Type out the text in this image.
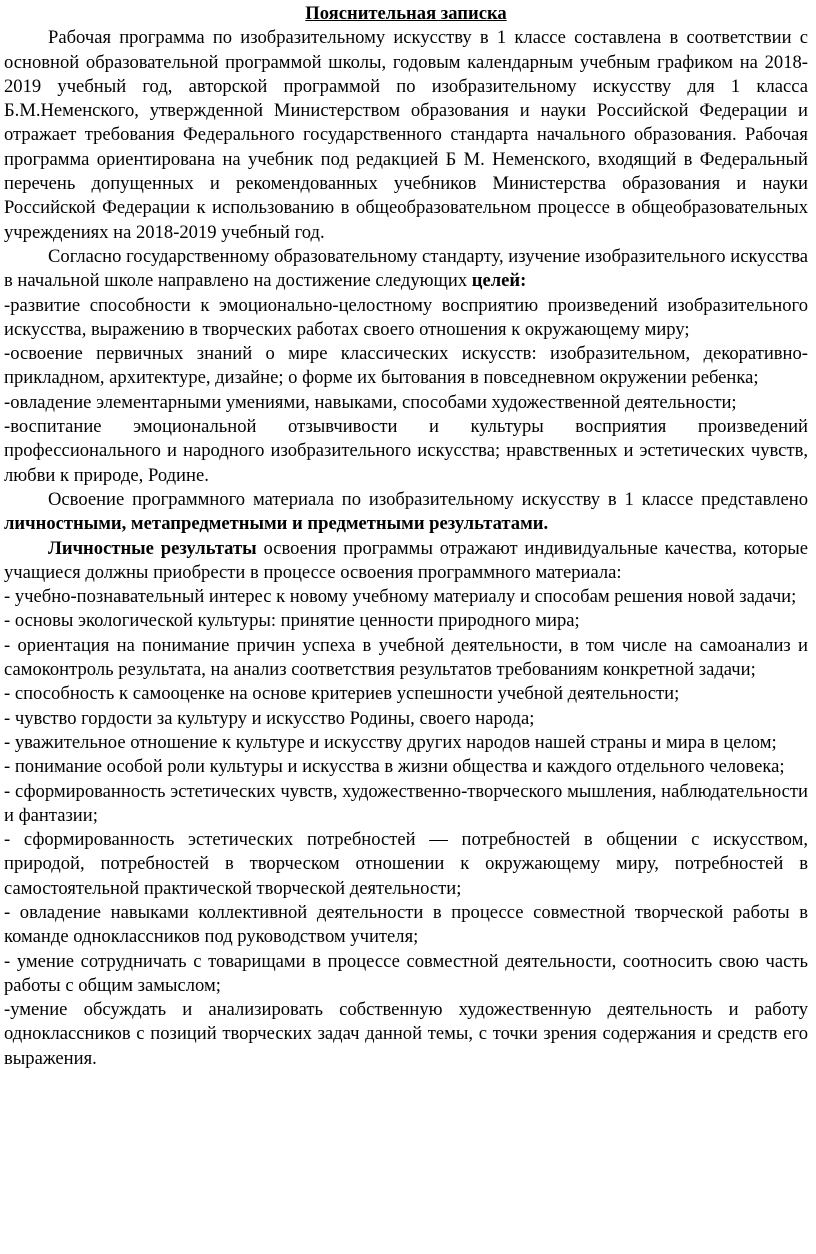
Пояснительная записка

Рабочая программа по изобразительному искусству в 1 классе составлена в соответствии с основной образовательной программой школы, годовым календарным учебным графиком на 2018-2019 учебный год, авторской программой по изобразительному искусству для 1 класса Б.М.Неменского, утвержденной Министерством образования и науки Российской Федерации и отражает требования Федерального государственного стандарта начального образования. Рабочая программа ориентирована на учебник под редакцией Б М. Неменского, входящий в Федеральный перечень допущенных и рекомендованных учебников Министерства образования и науки Российской Федерации к использованию в общеобразовательном процессе в общеобразовательных учреждениях на 2018-2019 учебный год.

Согласно государственному образовательному стандарту, изучение изобразительного искусства в начальной школе направлено на достижение следующих целей:

-развитие способности к эмоционально-целостному восприятию произведений изобразительного искусства, выражению в творческих работах своего отношения к окружающему миру;

-освоение первичных знаний о мире классических искусств: изобразительном, декоративно-прикладном, архитектуре, дизайне; о форме их бытования в повседневном окружении ребенка;

-овладение элементарными умениями, навыками, способами художественной деятельности;

-воспитание эмоциональной отзывчивости и культуры восприятия произведений профессионального и народного изобразительного искусства; нравственных и эстетических чувств, любви к природе, Родине.

Освоение программного материала по изобразительному искусству в 1 классе представлено личностными, метапредметными и предметными результатами.

Личностные результаты освоения программы отражают индивидуальные качества, которые учащиеся должны приобрести в процессе освоения программного материала:

- учебно-познавательный интерес к новому учебному материалу и способам решения новой задачи;

- основы экологической культуры: принятие ценности природного мира;

- ориентация на понимание причин успеха в учебной деятельности, в том числе на самоанализ и самоконтроль результата, на анализ соответствия результатов требованиям конкретной задачи;

- способность к самооценке на основе критериев успешности учебной деятельности;

- чувство гордости за культуру и искусство Родины, своего народа;

- уважительное отношение к культуре и искусству других народов нашей страны и мира в целом;

- понимание особой роли культуры и искусства в жизни общества и каждого отдельного человека;

- сформированность эстетических чувств, художественно-творческого мышления, наблюдательности и фантазии;

- сформированность эстетических потребностей — потребностей в общении с искусством, природой, потребностей в творческом отношении к окружающему миру, потребностей в самостоятельной практической творческой деятельности;

- овладение навыками коллективной деятельности в процессе совместной творческой работы в команде одноклассников под руководством учителя;

- умение сотрудничать с товарищами в процессе совместной деятельности, соотносить свою часть работы с общим замыслом;

-умение обсуждать и анализировать собственную художественную деятельность и работу одноклассников с позиций творческих задач данной темы, с точки зрения содержания и средств его выражения.
